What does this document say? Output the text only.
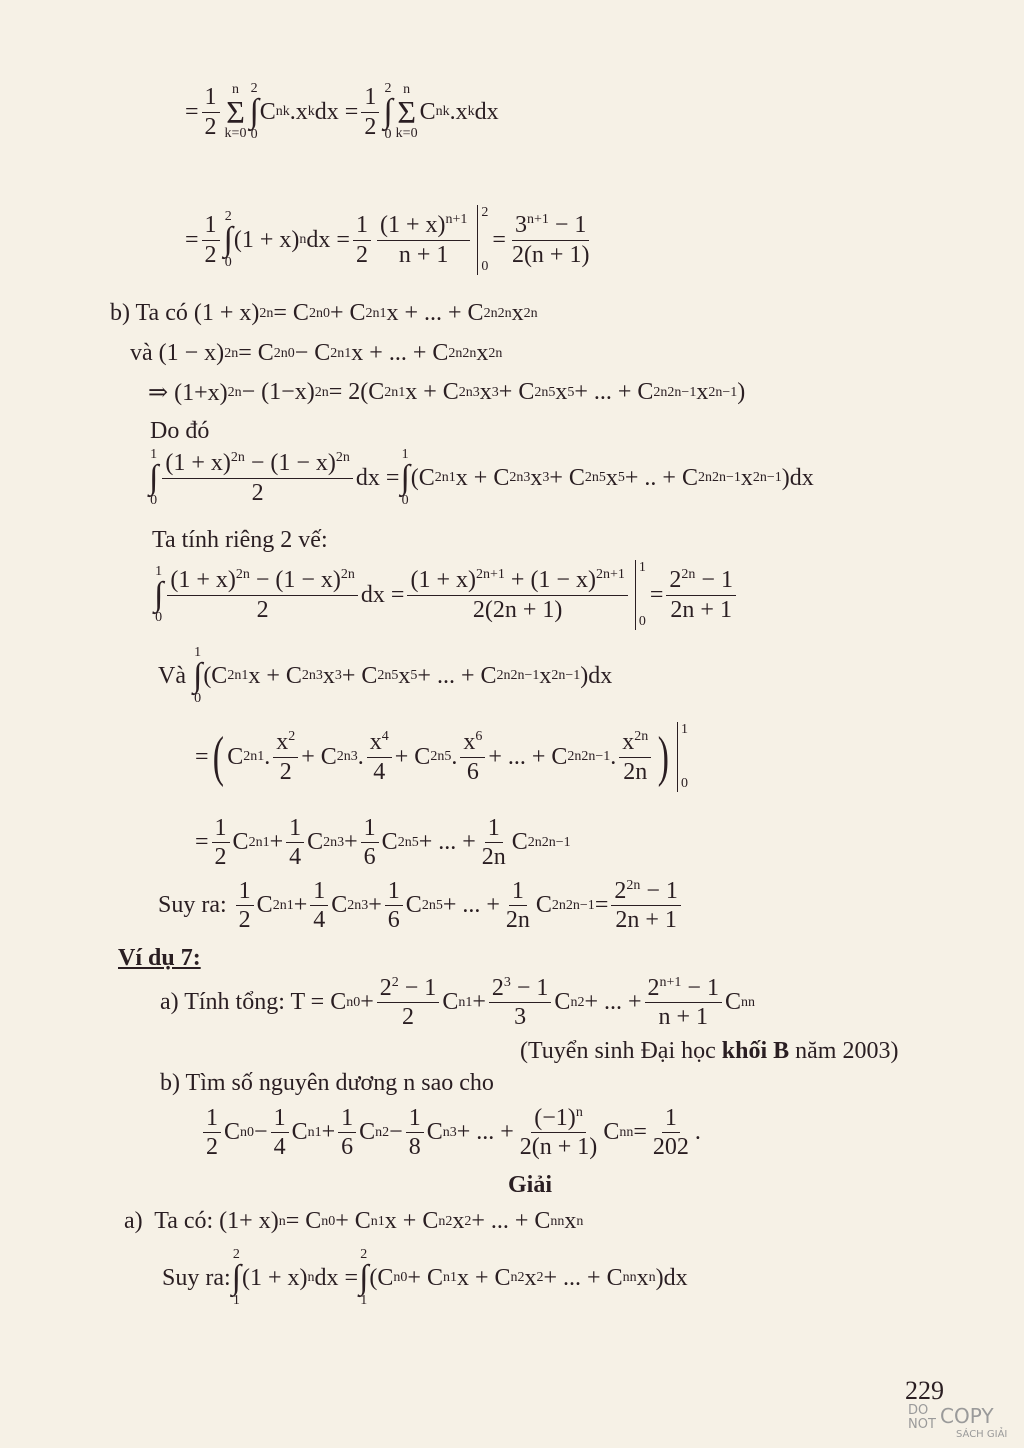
= $\frac{1}{2}$ n
Σ
k=0
2
∫
0
C n k .x k dx = $\frac{1}{2} 2$
∫
0
n
Σ
k=0
C n k .x k dx
= $\frac{1}{2} 2$
∫
0
(1 + x) n dx = $\frac{1}{2} \frac{(1 + x)^{n+1}}{n + 1} 2$
0
= $\frac{3^{n+1} - 1}{2(n + 1)}$
b) Ta có (1 + x) 2n = C 2n 0 + C 2n 1 x + ... + C 2n 2n x 2n
và (1 − x) 2n = C 2n 0 − C 2n 1 x + ... + C 2n 2n x 2n
⇒ (1+x) 2n − (1−x) 2n = 2(C 2n 1 x + C 2n 3 x 3 + C 2n 5 x 5 + ... + C 2n 2n−1 x 2n−1 )
Do đó
1
∫
$0 \frac{(1 + x)^{2n} - (1 - x)^{2n}}{2}$ dx =
1
∫
0
(C 2n 1 x + C 2n 3 x 3 + C 2n 5 x 5 + .. + C 2n 2n−1 x 2n−1 )dx
Ta tính riêng 2 vế:
1
∫
$0 \frac{(1 + x)^{2n} - (1 - x)^{2n}}{2}$ dx = $\frac{(1 + x)^{2n+1} + (1 - x)^{2n+1}}{2(2n + 1)} 1$
0
= $\frac{2^{2n} - 1}{2n + 1}$
Và

1
∫
0
(C 2n 1 x + C 2n 3 x 3 + C 2n 5 x 5 + ... + C 2n 2n−1 x 2n−1 )dx
= ( C 2n 1 . $\frac{x^2}{2} + C$ 2n 3 . $\frac{x^4}{4} + C$ 2n 5 . $\frac{x^6}{6}$ + ... + C 2n 2n−1 . $\frac{x^{2n}}{2n}$ ) 1
0
= $\frac{1}{2}$ C 2n $1 + \frac{1}{4}$ C 2n $3 + \frac{1}{6}$ C 2n 5 + ... + $\frac{1}{2n}$ C 2n 2n−1
Suy ra:
$\frac{1}{2}$ C 2n $1 + \frac{1}{4}$ C 2n $3 + \frac{1}{6}$ C 2n 5 + ... + $\frac{1}{2n}$ C 2n $2n-1 = \frac{2^{2n} - 1}{2n + 1}$
Ví dụ 7:
a) Tính tổng: T = C n $0 + \frac{2^2 - 1}{2}$ C n $1 + \frac{2^3 - 1}{3}$ C n 2 + ... + $\frac{2^{n+1} - 1}{n + 1}$ C n n
(Tuyển sinh Đại học khối B năm 2003)
b) Tìm số nguyên dương n sao cho
$\frac{1}{2}$ C n $0 - \frac{1}{4}$ C n $1 + \frac{1}{6}$ C n $2 - \frac{1}{8}$ C n 3 + ... + $\frac{(-1)^n}{2(n + 1)}$ C n $n = \frac{1}{202}$ .
Giải
a)  Ta có: (1+ x) n = C n 0 + C n 1 x + C n 2 x 2 + ... + C n n x n
Suy ra:
2
∫
1
(1 + x) n dx =
2
∫
1
(C n 0 + C n 1 x + C n 2 x 2 + ... + C n n x n )dx
229
DO
NOT COPY
SÁCH GIẢI
